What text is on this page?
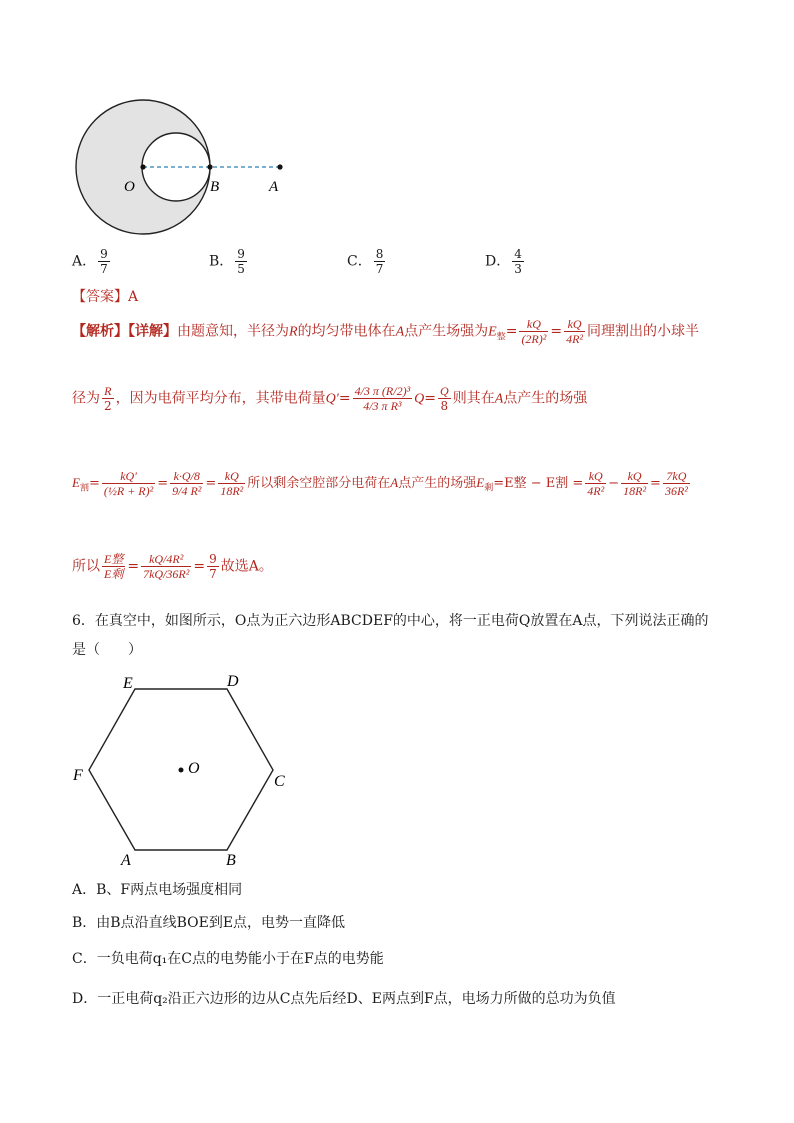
O	B	A
A． $\frac{9}{7}$	B． $\frac{9}{5}$	C． $\frac{8}{7}$	D． $\frac{4}{3}$
【答案】A
【解析】【详解】由题意知，半径为R的均匀带电体在A点产生场强为$E_整= \frac{kQ}{\text{(2R)²}} = \frac{kQ}{\text{4R²}}$ 同理割出的小球半
径为 $\frac{R}{2}$ ，因为电荷平均分布，其带电荷量$Q'= \frac{\text{4/3 π (R/2)³}}{\text{4/3 π R³}} Q= \frac{Q}{8}$ 则其在A点产生的场强
$E_割= \frac{kQ'}{\text{(½R + R)²}} = \frac{k\cdot Q/8}{\text{9/4 R²}} = \frac{kQ}{\text{18R²}}$ 所以剩余空腔部分电荷在A点产生的场强$E_剩=E$整 − E割 = $\frac{kQ}{\text{4R²}} - \frac{kQ}{\text{18R²}} = \frac{7kQ}{\text{36R²}}$
所以 $\frac{\text{E整}}{\text{E剩}} = \frac{\text{kQ/4R²}}{\text{7kQ/36R²}} = \frac{9}{7}$ 故选A。
6．在真空中，如图所示，O点为正六边形ABCDEF的中心，将一正电荷Q放置在A点，下列说法正确的
是（　　）
O
A	B
C
D
E
F
A．B、F两点电场强度相同
B．由B点沿直线BOE到E点，电势一直降低
C．一负电荷q₁在C点的电势能小于在F点的电势能
D．一正电荷q₂沿正六边形的边从C点先后经D、E两点到F点，电场力所做的总功为负值
